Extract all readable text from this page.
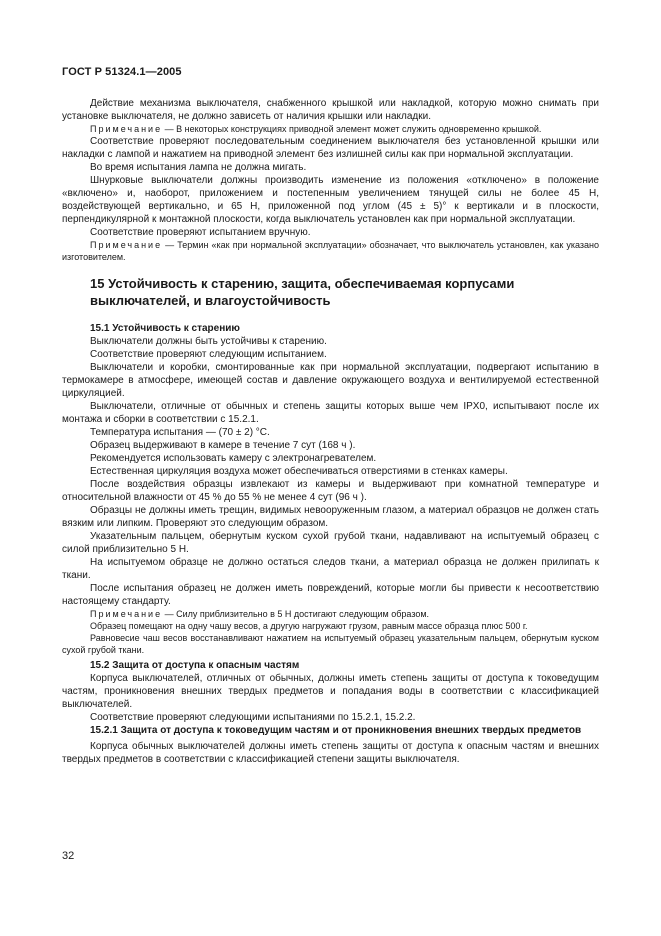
ГОСТ Р 51324.1—2005

Действие механизма выключателя, снабженного крышкой или накладкой, которую можно снимать при установке выключателя, не должно зависеть от наличия крышки или накладки.

Примечание — В некоторых конструкциях приводной элемент может служить одновременно крышкой.

Соответствие проверяют последовательным соединением выключателя без установленной крышки или накладки с лампой и нажатием на приводной элемент без излишней силы как при нормальной эксплуатации.

Во время испытания лампа не должна мигать.

Шнурковые выключатели должны производить изменение из положения «отключено» в положение «включено» и, наоборот, приложением и постепенным увеличением тянущей силы не более 45 Н, воздействующей вертикально, и 65 Н, приложенной под углом (45 ± 5)° к вертикали и в плоскости, перпендикулярной к монтажной плоскости, когда выключатель установлен как при нормальной эксплуатации.

Соответствие проверяют испытанием вручную.

Примечание — Термин «как при нормальной эксплуатации» обозначает, что выключатель установлен, как указано изготовителем.

15 Устойчивость к старению, защита, обеспечиваемая корпусами выключателей, и влагоустойчивость

15.1 Устойчивость к старению

Выключатели должны быть устойчивы к старению.

Соответствие проверяют следующим испытанием.

Выключатели и коробки, смонтированные как при нормальной эксплуатации, подвергают испытанию в термокамере в атмосфере, имеющей состав и давление окружающего воздуха и вентилируемой естественной циркуляцией.

Выключатели, отличные от обычных и степень защиты которых выше чем IPX0, испытывают после их монтажа и сборки в соответствии с 15.2.1.

Температура испытания — (70 ± 2) °С.

Образец выдерживают в камере в течение 7 сут (168 ч ).

Рекомендуется использовать камеру с электронагревателем.

Естественная циркуляция воздуха может обеспечиваться отверстиями в стенках камеры.

После воздействия образцы извлекают из камеры и выдерживают при комнатной температуре и относительной влажности от 45 % до 55 % не менее 4 сут (96 ч ).

Образцы не должны иметь трещин, видимых невооруженным глазом, а материал образцов не должен стать вязким или липким. Проверяют это следующим образом.

Указательным пальцем, обернутым куском сухой грубой ткани, надавливают на испытуемый образец с силой приблизительно 5 Н.

На испытуемом образце не должно остаться следов ткани, а материал образца не должен прилипать к ткани.

После испытания образец не должен иметь повреждений, которые могли бы привести к несоответствию настоящему стандарту.

Примечание — Силу приблизительно в 5 Н достигают следующим образом.

Образец помещают на одну чашу весов, а другую нагружают грузом, равным массе образца плюс 500 г.

Равновесие чаш весов восстанавливают нажатием на испытуемый образец указательным пальцем, обернутым куском сухой грубой ткани.

15.2 Защита от доступа к опасным частям

Корпуса выключателей, отличных от обычных, должны иметь степень защиты от доступа к токоведущим частям, проникновения внешних твердых предметов и попадания воды в соответствии с классификацией выключателей.

Соответствие проверяют следующими испытаниями по 15.2.1, 15.2.2.

15.2.1 Защита от доступа к токоведущим частям и от проникновения внешних твердых предметов

Корпуса обычных выключателей должны иметь степень защиты от доступа к опасным частям и внешних твердых предметов в соответствии с классификацией степени защиты выключателя.

32
